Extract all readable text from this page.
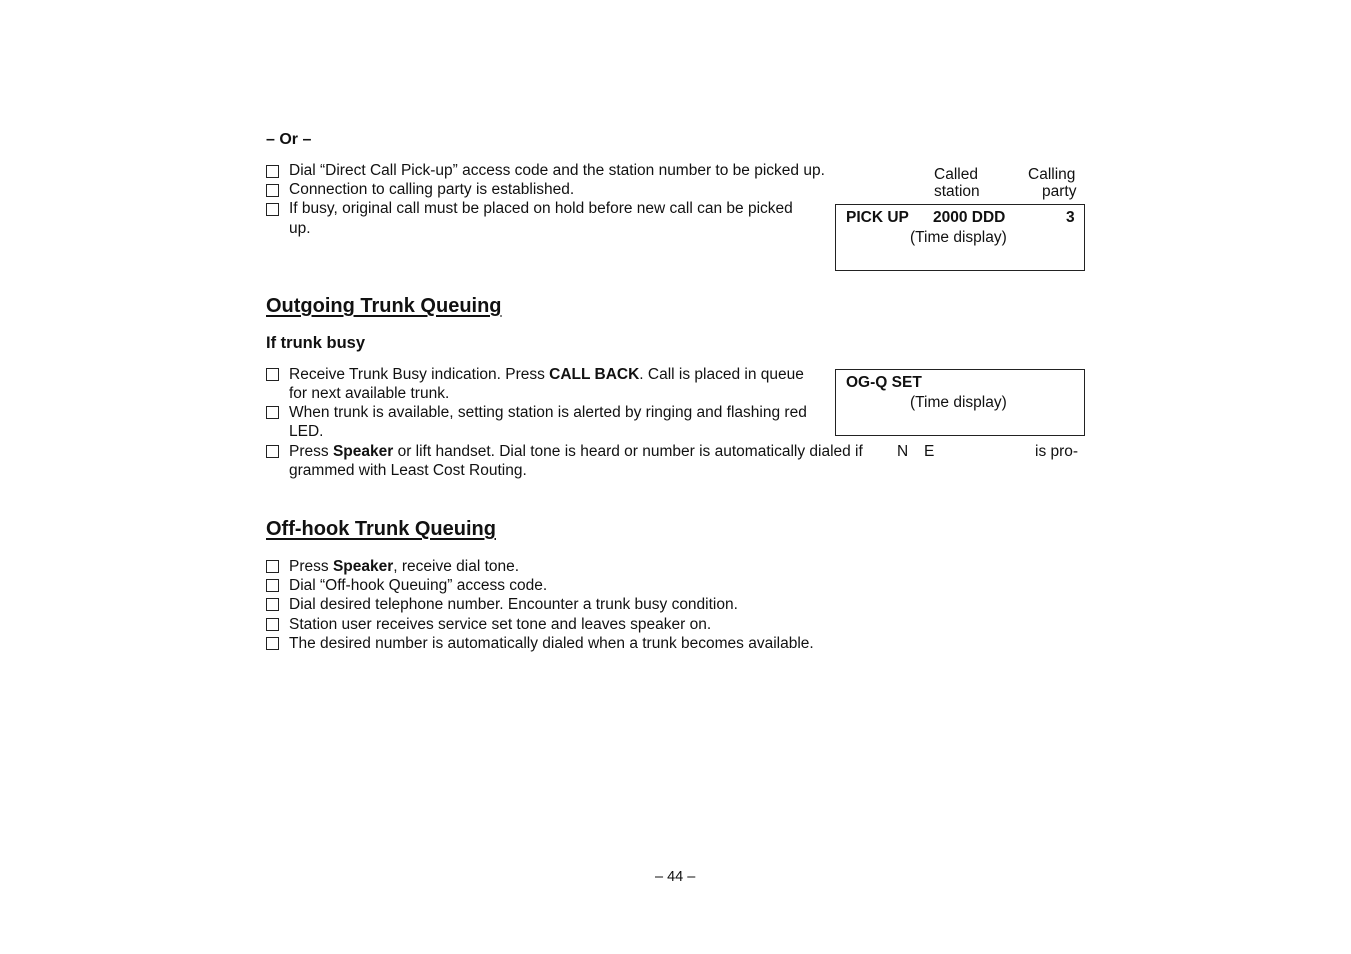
– Or –
Dial “Direct Call Pick-up” access code and the station number to be picked up.
Connection to calling party is established.
If busy, original call must be placed on hold before new call can be picked
up.
Called
station
Calling
party
PICK UP 2000 DDD	3
(Time display)
Outgoing Trunk Queuing
If trunk busy
Receive Trunk Busy indication. Press CALL BACK. Call is placed in queue
for next available trunk.
When trunk is available, setting station is alerted by ringing and flashing red
LED.
Press Speaker or lift handset. Dial tone is heard or number is automatically dialed if N E	is pro-
grammed with Least Cost Routing.
OG-Q SET
(Time display)
Off-hook Trunk Queuing
Press Speaker, receive dial tone.
Dial “Off-hook Queuing” access code.
Dial desired telephone number. Encounter a trunk busy condition.
Station user receives service set tone and leaves speaker on.
The desired number is automatically dialed when a trunk becomes available.
– 44 –
